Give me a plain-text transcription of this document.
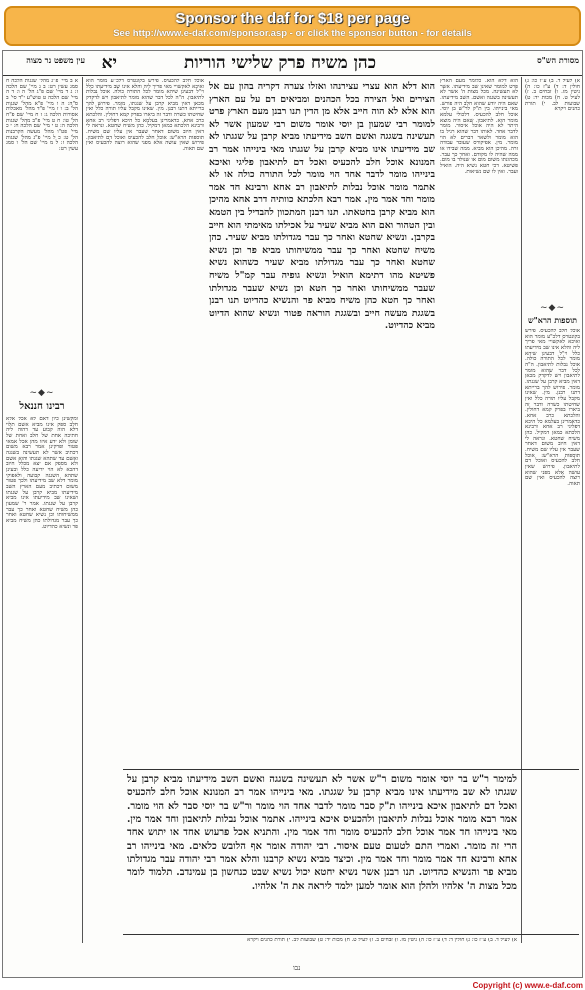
Sponsor the daf for $18 per page
See http://www.e-daf.com/sponsor.asp - or click the sponsor button - for details
עין משפט נר מצוה יא	כהן משיח פרק שלישי הוריות	מסורת הש"ס
א ב מיי' פ"ג מהל' שגגות הלכה ח סמג עשין רט: ב ג מיי' שם הלכה ז: ג ד מיי' שם פ"ג הל' ה ו: ד ה מיי' שם הלכה ט טוש"ע י"ד סי' ב ס"ה: ה ו מיי' פ"א מהל' שגגות הל' ב: ו ז מיי' פ"ד מהל' מאכלות אסורות הלכה ג: ז ח מיי' שם פ"ח הל' טו: ח ט מיי' פ"ב מהל' שגגות הלכה ה: ט י מיי' שם הלכה ח: י כ מיי' פט"ו מהל' מעשה הקרבנות הל' ט: כ ל מיי' פ"ג מהל' שגגות הלכה ז: ל מ מיי' שם הל' ו סמג עשין רט:
~◆~
רבינו חננאל
ומקשינן כיון דאם לא אכל אלא חלב ספק אינו מביא אשם תלוי דלא הוה קבוע עד דהוה ליה חתיכה אחת של חלב ואחת של שומן ולא ידע איזו מהן אכל אמאי פטור ופרקינן אמר רבא משום דכתיב אשר לא תעשינה בשגגה ואשם עד שתהא שגגתו והוא אשם ולא מספק אם יצא מכלל חיוב דהכא לא הוי ידיעה כלל ובעינן שתהא השגגה קבועה ולאפוקי מומר דלא שב מידיעתו ולכך פטור משום דכתיב מעם הארץ השב מידיעתו מביא קרבן על שגגתו ושאינו שב מידיעתו אינו מביא קרבן על שגגתו. אמר ר' שמעון כהן משיח שחטא ואחר כך עבר ממשיחותו וכן נשיא שחטא ואחר כך עבר מגדולתו כהן משיח מביא פר ונשיא כהדיוט.
אוכל חלב להכעיס. פירש בקונטרס דלכ"ע מומר הוא ואיכא לאקשויי מאי פריך ליה והלא אינו שב מידיעתו כלל וי"ל דבעינן שיהא מומר לכל התורה כולה. אוכל נבלות לתיאבון. ה"ה לכל דבר שהוא מומר לתיאבון ויש לדקדק מכאן דאין מביא קרבן על שגגתו. מומר. פירוש להך ברייתא דתנו רבנן. מין. שאינו מקבל עליו תורה כלל ואין שחיטתו כשרה ודבר זה ביארו בפרק קמא דחולין. והלכתא כרב אחא. כדאמרינן בעלמא כל היכא דפליגי רב אחא ורבינא הלכתא כמאן דמקיל. כהן משיח שחטא. ונראה לי דאין חיוב משום דאחר שעבר אין עליו שם משיח. תוספות הרא"ש: אוכל חלב להכעיס ואוכל דם לתיאבון. פירוש שאין עושה אלא מפני שהוא רוצה להכעיס ואין שם תאוה.
הוא דלא הוא עצרי עצירנהו ואזלו צערה דקריה בהון עם אל הצירים ואל הצירה בכל הכהנים ומביאים דם על עם הארץ הוא אלא לא הוה חייב אלא מן הדין תנו רבנן מעם הארץ פרט למומר רבי שמעון בן יוסי אומר משום רבי שמעון אשר לא תעשינה בשגגה ואשם השב מידיעתו מביא קרבן על שגגתו לא שב מידיעתו אינו מביא קרבן על שגגתו מאי בינייהו אמר רב המנונא אוכל חלב להכעיס ואכל דם לתיאבון פליגי ואיכא בינייהו מומר לדבר אחד הוי מומר לכל התורה כולה או לא אתמר מומר אוכל נבלות לתיאבון רב אחא ורבינא חד אמר מומר וחד אמר מין. אמר רבא הלכתא כוותיה דרב אחא מהיכן הוא מביא קרבן בחטאתו. תנו רבנן המתכוון להבדיל בין הטמא ובין הטהור ואם הוא מביא שעיר על אכילתו מאימתי הוא חייב בקרבן. ונשיא שחטא ואחר כך עבר מגדולתו מביא שעיר. כהן משיח שחטא ואחר כך עבר ממשיחותו מביא פר וכן נשיא שחטא ואחר כך עבר מגדולתו מביא שעיר כשהוא נשיא פשיטא מהו דתימא הואיל ונשיא גופיה עבר קמ"ל משיח שעבר ממשיחותו ואחר כך חטא וכן נשיא שעבר מגדולתו ואחר כך חטא כהן משיח מביא פר והנשיא כהדיוט תנו רבנן בשגגת מעשה חייב ובשגגת הוראה פטור ונשיא שהוא הדיוט מביא כהדיוט.
הוא דלא הוא. כלומר מעם הארץ פרט למומר שאינו שב מידיעתו. אשר לא תעשינה. מכל מצות ה' אשר לא תעשינה בשגגה ואשם. השב מידיעתו. שאם היה יודע שהוא חלב היה פורש. מאי בינייהו. בין ת"ק לר"ש בן יוסי. אוכל חלב להכעיס. דלכולי עלמא מומר הוא. לתיאבון. שאם היה מוצא היתר לא היה אוכל איסור. מומר לדבר אחד. לאותו דבר שהוא רגיל בו הוא מומר ולשאר דברים לא הוי מומר. מין. אפיקורס שעובד עבודה זרה. מהיכן הוא מביא. ממה שבידו או ממה שהיה לו מקודם. ואחר כך עבר. מכהונתו משום מום או שנולד בו מום. פשיטא. דכי חטא נשיא היה. הואיל ועבר. ואין לו שם נשיאות.
א) לעיל ד. ב) ע"ז כו: ג) חולין ד: ד) ע"ז כו: ה) גיטין מז. ו) זבחים ב. ז) לעיל ט. ח) מכות יד: ט) שבועות לב. י) תורת כהנים ויקרא
~◆~
תוספות הרא"ש
אוכל חלב להכעיס. פירש בקונטרס דלכ"ע מומר הוא ואיכא לאקשויי מאי פריך ליה והלא אינו שב מידיעתו כלל וי"ל דבעינן שיהא מומר לכל התורה כולה. אוכל נבלות לתיאבון. ה"ה לכל דבר שהוא מומר לתיאבון ויש לדקדק מכאן דאין מביא קרבן על שגגתו. מומר. פירוש להך ברייתא דתנו רבנן. מין. שאינו מקבל עליו תורה כלל ואין שחיטתו כשרה ודבר זה ביארו בפרק קמא דחולין. והלכתא כרב אחא. כדאמרינן בעלמא כל היכא דפליגי רב אחא ורבינא הלכתא כמאן דמקיל. כהן משיח שחטא. ונראה לי דאין חיוב משום דאחר שעבר אין עליו שם משיח. תוספות הרא"ש: אוכל חלב להכעיס ואוכל דם לתיאבון. פירוש שאין עושה אלא מפני שהוא רוצה להכעיס ואין שם תאוה.
למימר ר"ש בר יוסי אומר משום ר"ש אשר לא תעשינה בשגגה ואשם השב מידיעתו מביא קרבן על שגגתו לא שב מידיעתו אינו מביא קרבן על שגגתו. מאי בינייהו אמר רב המנונא אוכל חלב להכעיס ואכל דם לתיאבון איכא בינייהו ת"ק סבר מומר לדבר אחד הוי מומר ור"ש בר יוסי סבר לא הוי מומר. אמר רבא מומר אוכל נבלות לתיאבון ולהכעיס איכא בינייהו. אתמר אוכל נבלות לתיאבון וחד אמר מין. מאי בינייהו חד אמר אוכל חלב להכעיס מומר וחד אמר מין. והתניא אכל פרעוש אחד או יתוש אחד הרי זה מומר. ואמרי התם לטעום טעם איסור. רבי יהודה אומר אף הלובש כלאים. מאי בינייהו רב אחא ורבינא חד אמר מומר וחד אמר מין. וכיצד מביא נשיא קרבנו והלא אמר רבי יהודה עבר מגדולתו מביא פר והנשיא כהדיוט. תנו רבנן אשר נשיא יחטא יכול נשיא שבט כנחשון בן עמינדב. תלמוד לומר מכל מצות ה' אלהיו ולהלן הוא אומר למען ילמד ליראה את ה' אלהיו.
א) לעיל ד. ב) ע"ז כו: ג) חולין ד: ד) ע"ז כו: ה) גיטין מז. ו) זבחים ב. ז) לעיל ט. ח) מכות יד: ט) שבועות לב. י) תורת כהנים ויקרא
נבו
Copyright (c) www.e-daf.com
